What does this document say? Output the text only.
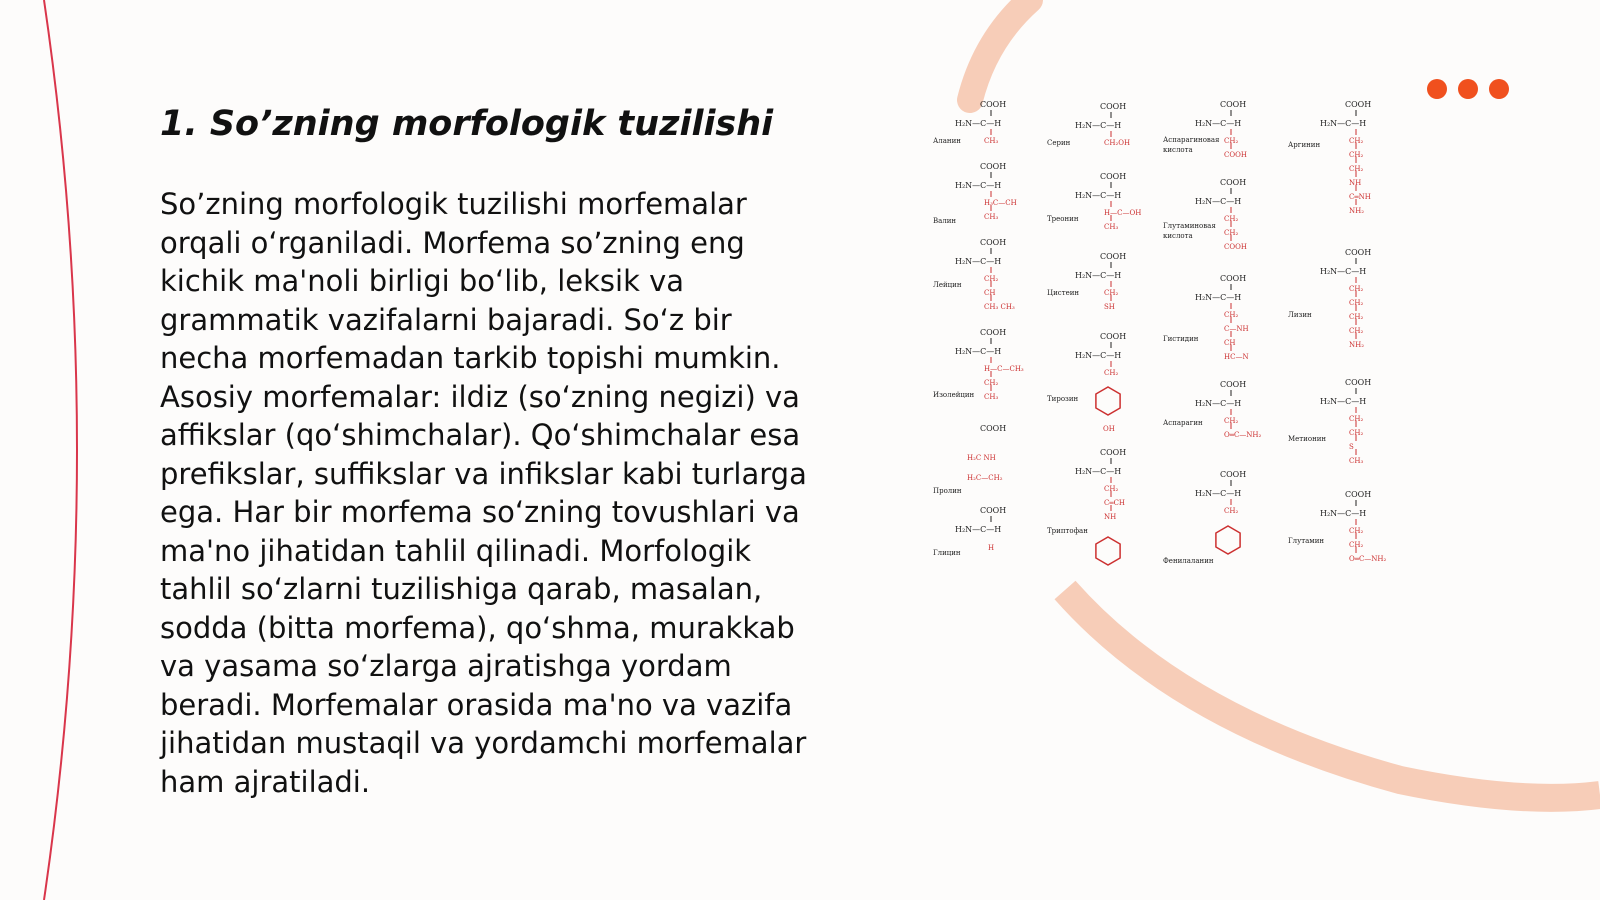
1. So’zning morfologik tuzilishi
So’zning morfologik tuzilishi morfemalar
orqali o‘rganiladi. Morfema so’zning eng
kichik ma'noli birligi bo‘lib, leksik va
grammatik vazifalarni bajaradi. So‘z bir
necha morfemadan tarkib topishi mumkin.
Asosiy morfemalar: ildiz (so‘zning negizi) va
affikslar (qo‘shimchalar). Qo‘shimchalar esa
prefikslar, suffikslar va infikslar kabi turlarga
ega. Har bir morfema so‘zning tovushlari va
ma'no jihatidan tahlil qilinadi. Morfologik
tahlil so‘zlarni tuzilishiga qarab, masalan,
sodda (bitta morfema), qo‘shma, murakkab
va yasama so‘zlarga ajratishga yordam
beradi. Morfemalar orasida ma'no va vazifa
jihatidan mustaqil va yordamchi morfemalar
ham ajratiladi.
COOH
H₂N—C—H
CH₃
Аланин
COOH
H₂N—C—H
H₃C—CH
CH₃
Валин
COOH
H₂N—C—H
CH₂
CH
CH₃ CH₃
Лейцин
COOH
H₂N—C—H
H—C—CH₃
CH₂
CH₃
Изолейцин
COOH
H₂C NH
H₂C—CH₂
Пролин
COOH
H₂N—C—H
H
Глицин
COOH
H₂N—C—H
CH₂OH
Серин
COOH
H₂N—C—H
H—C—OH
CH₃
Треонин
COOH
H₂N—C—H
CH₂
SH
Цистеин
COOH
H₂N—C—H
CH₂
OH
Тирозин
COOH
H₂N—C—H
CH₂
C═CH
NH
Триптофан
COOH
H₂N—C—H
CH₂
COOH
Аспарагиновая
кислота
COOH
H₂N—C—H
CH₂
CH₂
COOH
Глутаминовая
кислота
COOH
H₂N—C—H
CH₂
C—NH
CH
HC—N
Гистидин
COOH
H₂N—C—H
CH₂
O═C—NH₂
Аспарагин
COOH
H₂N—C—H
CH₂
Фенилаланин
COOH
H₂N—C—H
CH₂
CH₂
CH₂
NH
C═NH
NH₂
Аргинин
COOH
H₂N—C—H
CH₂
CH₂
CH₂
CH₂
NH₂
Лизин
COOH
H₂N—C—H
CH₂
CH₂
S
CH₃
Метионин
COOH
H₂N—C—H
CH₂
CH₂
O═C—NH₂
Глутамин
